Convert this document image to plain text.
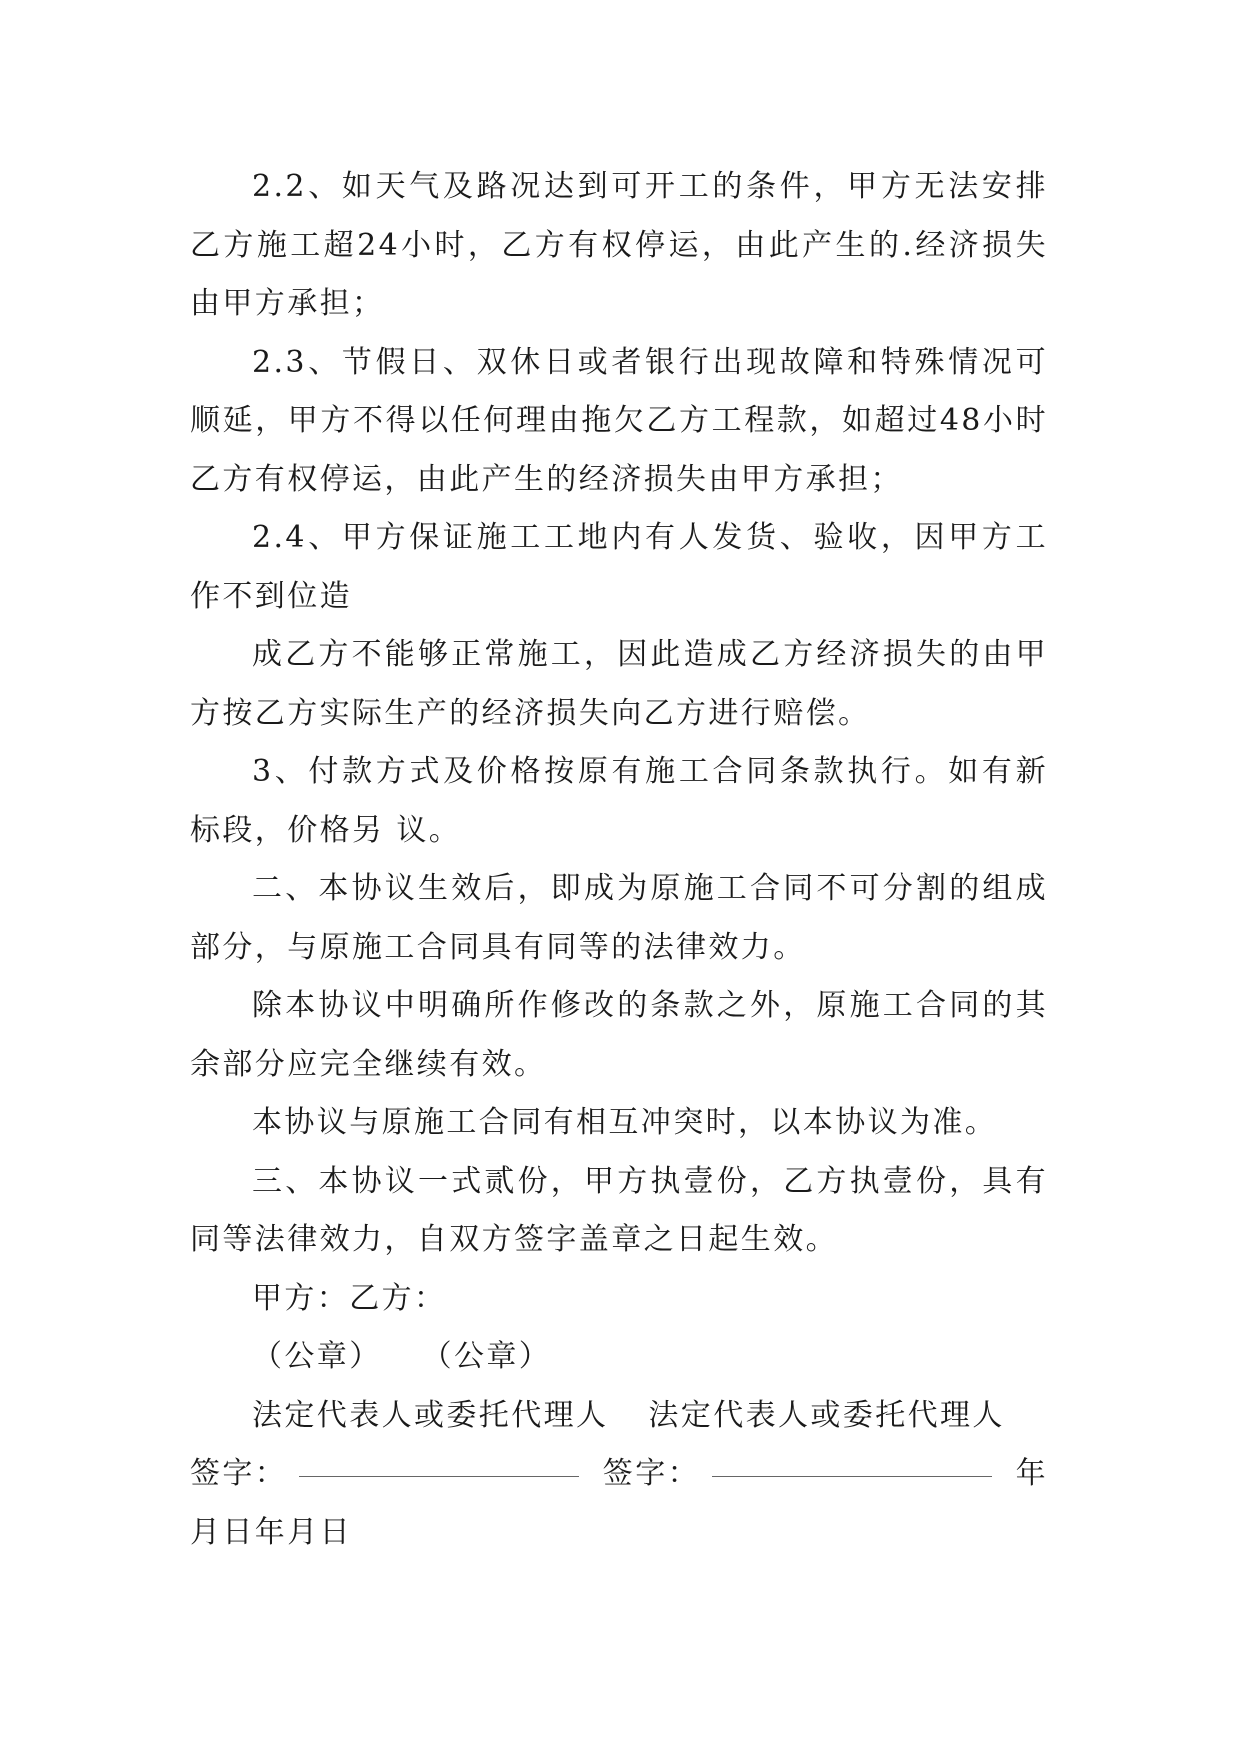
2.2、如天气及路况达到可开工的条件，甲方无法安排乙方施工超24小时，乙方有权停运，由此产生的.经济损失由甲方承担；

2.3、节假日、双休日或者银行出现故障和特殊情况可顺延，甲方不得以任何理由拖欠乙方工程款，如超过48小时乙方有权停运，由此产生的经济损失由甲方承担；

2.4、甲方保证施工工地内有人发货、验收，因甲方工作不到位造

成乙方不能够正常施工，因此造成乙方经济损失的由甲方按乙方实际生产的经济损失向乙方进行赔偿。

3、付款方式及价格按原有施工合同条款执行。如有新标段，价格另 议。

二、本协议生效后，即成为原施工合同不可分割的组成部分，与原施工合同具有同等的法律效力。

除本协议中明确所作修改的条款之外，原施工合同的其余部分应完全继续有效。

本协议与原施工合同有相互冲突时，以本协议为准。

三、本协议一式贰份，甲方执壹份，乙方执壹份，具有同等法律效力，自双方签字盖章之日起生效。

甲方：乙方：

（公章） （公章）

法定代表人或委托代理人 法定代表人或委托代理人

签字：	签字：	年

月日年月日
